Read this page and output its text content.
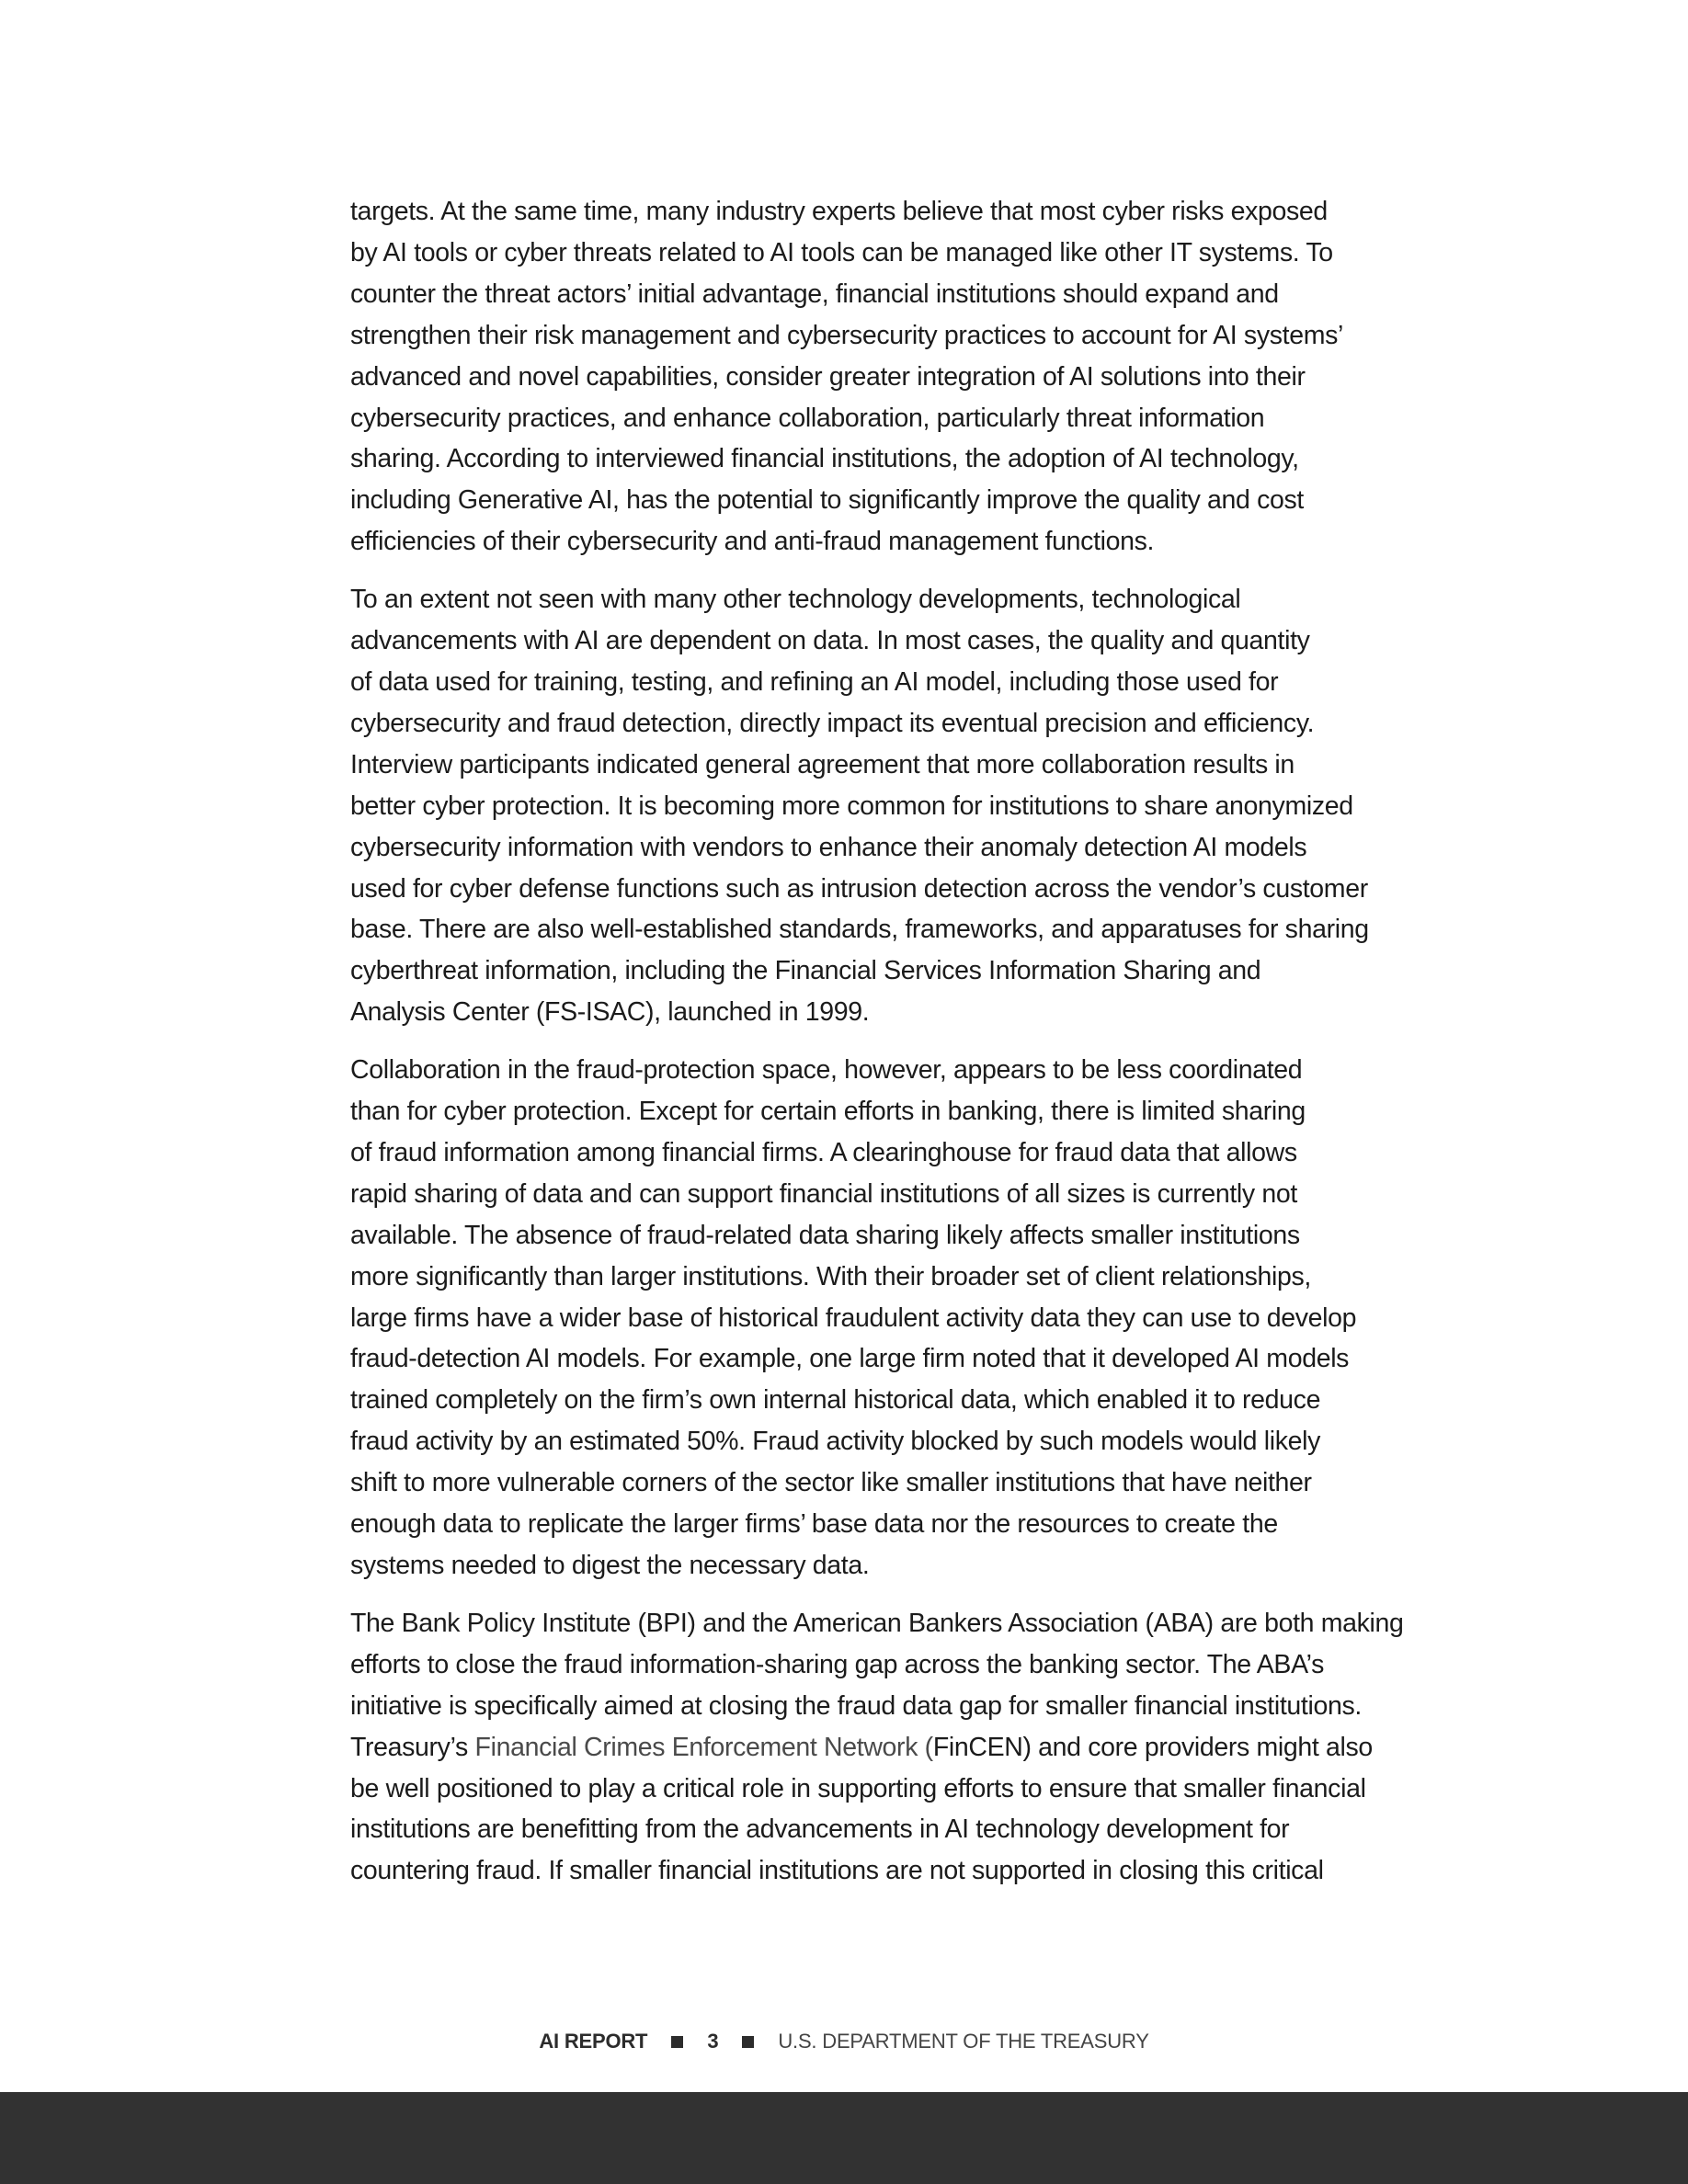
targets. At the same time, many industry experts believe that most cyber risks exposed
by AI tools or cyber threats related to AI tools can be managed like other IT systems. To
counter the threat actors’ initial advantage, financial institutions should expand and
strengthen their risk management and cybersecurity practices to account for AI systems’
advanced and novel capabilities, consider greater integration of AI solutions into their
cybersecurity practices, and enhance collaboration, particularly threat information
sharing. According to interviewed financial institutions, the adoption of AI technology,
including Generative AI, has the potential to significantly improve the quality and cost
efficiencies of their cybersecurity and anti-fraud management functions.

To an extent not seen with many other technology developments, technological
advancements with AI are dependent on data. In most cases, the quality and quantity
of data used for training, testing, and refining an AI model, including those used for
cybersecurity and fraud detection, directly impact its eventual precision and efficiency.
Interview participants indicated general agreement that more collaboration results in
better cyber protection. It is becoming more common for institutions to share anonymized
cybersecurity information with vendors to enhance their anomaly detection AI models
used for cyber defense functions such as intrusion detection across the vendor’s customer
base. There are also well-established standards, frameworks, and apparatuses for sharing
cyberthreat information, including the Financial Services Information Sharing and
Analysis Center (FS-ISAC), launched in 1999.

Collaboration in the fraud-protection space, however, appears to be less coordinated
than for cyber protection. Except for certain efforts in banking, there is limited sharing
of fraud information among financial firms. A clearinghouse for fraud data that allows
rapid sharing of data and can support financial institutions of all sizes is currently not
available. The absence of fraud-related data sharing likely affects smaller institutions
more significantly than larger institutions. With their broader set of client relationships,
large firms have a wider base of historical fraudulent activity data they can use to develop
fraud-detection AI models. For example, one large firm noted that it developed AI models
trained completely on the firm’s own internal historical data, which enabled it to reduce
fraud activity by an estimated 50%. Fraud activity blocked by such models would likely
shift to more vulnerable corners of the sector like smaller institutions that have neither
enough data to replicate the larger firms’ base data nor the resources to create the
systems needed to digest the necessary data.

The Bank Policy Institute (BPI) and the American Bankers Association (ABA) are both making
efforts to close the fraud information-sharing gap across the banking sector. The ABA’s
initiative is specifically aimed at closing the fraud data gap for smaller financial institutions.
Treasury’s Financial Crimes Enforcement Network (FinCEN) and core providers might also
be well positioned to play a critical role in supporting efforts to ensure that smaller financial
institutions are benefitting from the advancements in AI technology development for
countering fraud. If smaller financial institutions are not supported in closing this critical

AI REPORT	3	U.S. DEPARTMENT OF THE TREASURY
